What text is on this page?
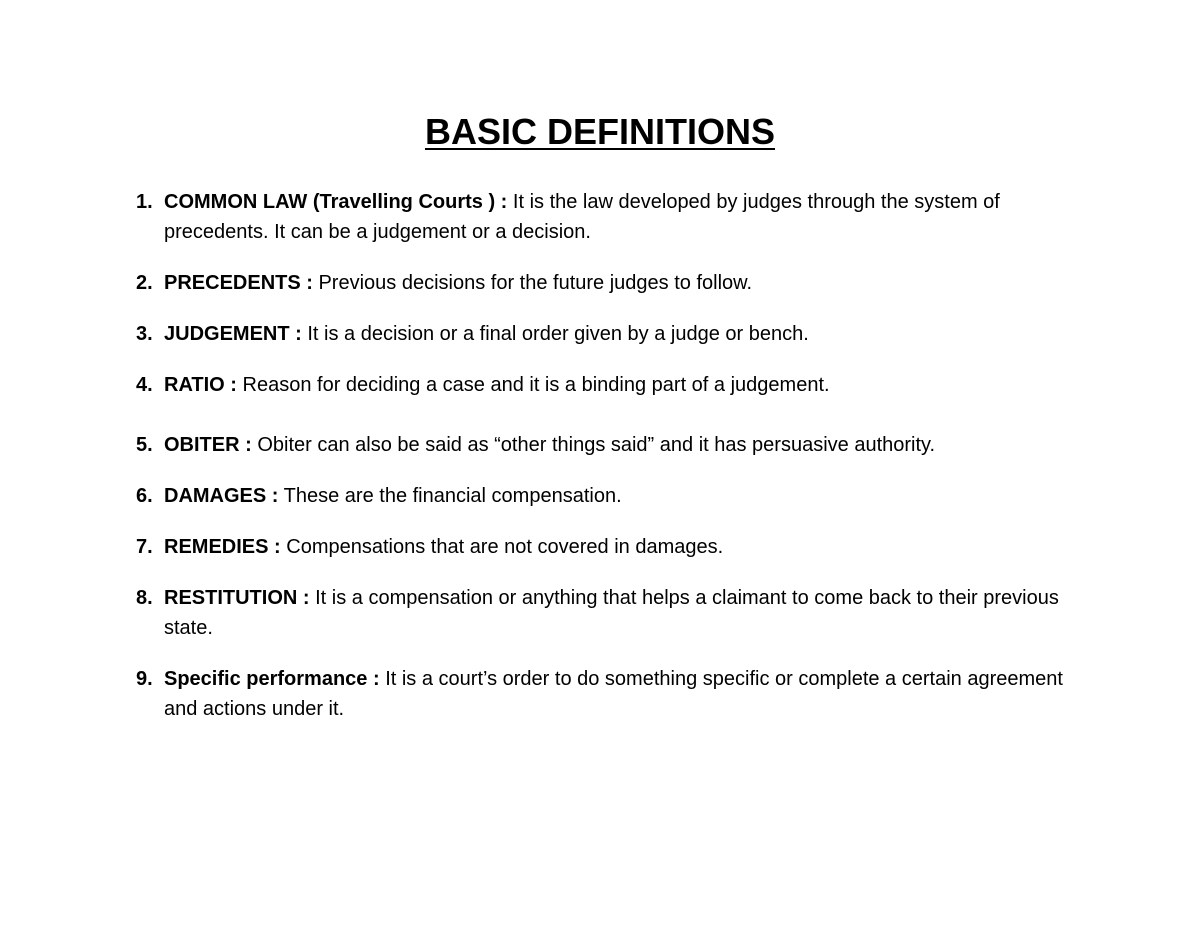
BASIC DEFINITIONS
1. COMMON LAW (Travelling Courts ) : It is the law developed by judges through the system of precedents. It can be a judgement or a decision.
2. PRECEDENTS : Previous decisions for the future judges to follow.
3. JUDGEMENT : It is a decision or a final order given by a judge or bench.
4. RATIO : Reason for deciding a case and it is a binding part of a judgement.
5. OBITER : Obiter can also be said as “other things said” and it has persuasive authority.
6. DAMAGES : These are the financial compensation.
7. REMEDIES : Compensations that are not covered in damages.
8. RESTITUTION : It is a compensation or anything that helps a claimant to come back to their previous state.
9. Specific performance : It is a court’s order to do something specific or complete a certain agreement and actions under it.
